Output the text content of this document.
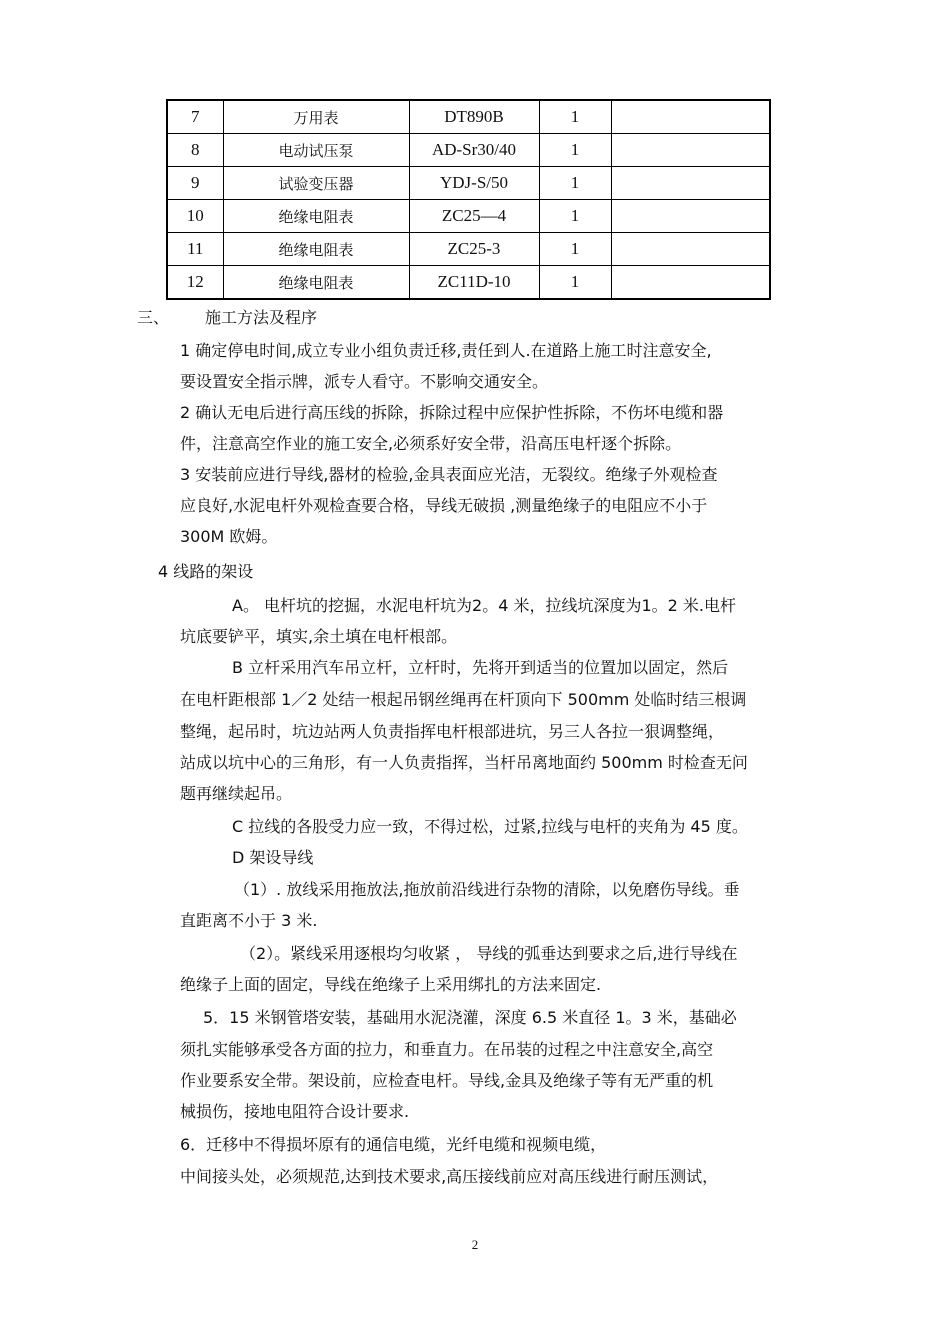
7	万用表	DT890B	1	
8	电动试压泵	AD-Sr30/40	1	
9	试验变压器	YDJ-S/50	1	
10	绝缘电阻表	ZC25—4	1	
11	绝缘电阻表	ZC25-3	1	
12	绝缘电阻表	ZC11D-10	1	
三、 施工方法及程序
1 确定停电时间,成立专业小组负责迁移,责任到人.在道路上施工时注意安全,
要设置安全指示牌，派专人看守。不影响交通安全。
2 确认无电后进行高压线的拆除，拆除过程中应保护性拆除，不伤坏电缆和器
件，注意高空作业的施工安全,必须系好安全带，沿高压电杆逐个拆除。
3 安装前应进行导线,器材的检验,金具表面应光洁，无裂纹。绝缘子外观检查
应良好,水泥电杆外观检查要合格，导线无破损 ,测量绝缘子的电阻应不小于
300M 欧姆。
4 线路的架设
A。 电杆坑的挖掘，水泥电杆坑为2。4 米，拉线坑深度为1。2 米.电杆
坑底要铲平，填实,余土填在电杆根部。
B 立杆采用汽车吊立杆，立杆时，先将开到适当的位置加以固定，然后
在电杆距根部 1／2 处结一根起吊钢丝绳再在杆顶向下 500mm 处临时结三根调
整绳，起吊时，坑边站两人负责指挥电杆根部进坑，另三人各拉一狠调整绳，
站成以坑中心的三角形，有一人负责指挥，当杆吊离地面约 500mm 时检查无问
题再继续起吊。
C 拉线的各股受力应一致，不得过松，过紧,拉线与电杆的夹角为 45 度。
D 架设导线
（1）. 放线采用拖放法,拖放前沿线进行杂物的清除，以免磨伤导线。垂
直距离不小于 3 米.
（2）。紧线采用逐根均匀收紧 ， 导线的弧垂达到要求之后,进行导线在
绝缘子上面的固定，导线在绝缘子上采用绑扎的方法来固定.
5．15 米钢管塔安装，基础用水泥浇灌，深度 6.5 米直径 1。3 米，基础必
须扎实能够承受各方面的拉力，和垂直力。在吊装的过程之中注意安全,高空
作业要系安全带。架设前，应检查电杆。导线,金具及绝缘子等有无严重的机
械损伤，接地电阻符合设计要求.
6．迁移中不得损坏原有的通信电缆，光纤电缆和视频电缆，
中间接头处，必须规范,达到技术要求,高压接线前应对高压线进行耐压测试，
2
